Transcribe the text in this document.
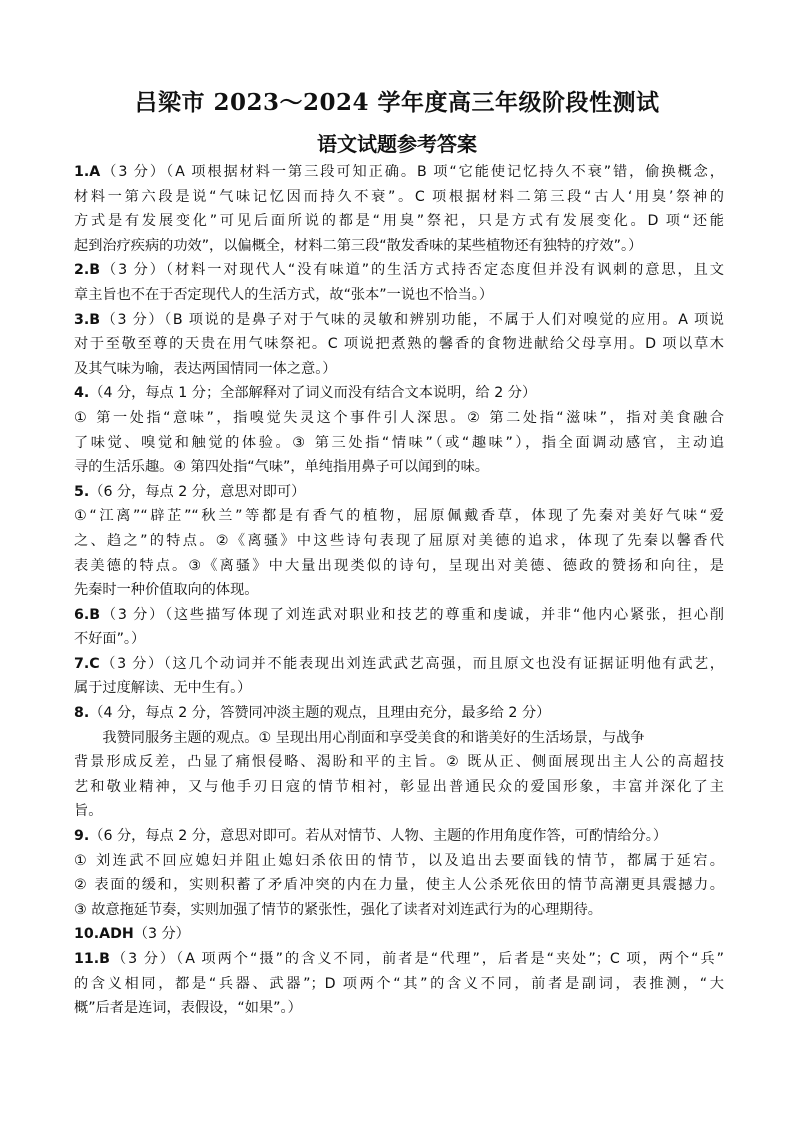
吕梁市 2023～2024 学年度高三年级阶段性测试
语文试题参考答案
1.A（3 分）（A 项根据材料一第三段可知正确。B 项“它能使记忆持久不衰”错，偷换概念，
材料一第六段是说“气味记忆因而持久不衰”。C 项根据材料二第三段“古人‘用臭’祭神的
方式是有发展变化”可见后面所说的都是“用臭”祭祀，只是方式有发展变化。D 项“还能
起到治疗疾病的功效”，以偏概全，材料二第三段“散发香味的某些植物还有独特的疗效”。）
2.B（3 分）（材料一对现代人“没有味道”的生活方式持否定态度但并没有讽刺的意思，且文
章主旨也不在于否定现代人的生活方式，故“张本”一说也不恰当。）
3.B（3 分）（B 项说的是鼻子对于气味的灵敏和辨别功能，不属于人们对嗅觉的应用。A 项说
对于至敬至尊的天贵在用气味祭祀。C 项说把煮熟的馨香的食物进献给父母享用。D 项以草木
及其气味为喻，表达两国情同一体之意。）
4.（4 分，每点 1 分；全部解释对了词义而没有结合文本说明，给 2 分）
① 第一处指“意味”，指嗅觉失灵这个事件引人深思。② 第二处指“滋味”，指对美食融合
了味觉、嗅觉和触觉的体验。③ 第三处指“情味”（或“趣味”），指全面调动感官，主动追
寻的生活乐趣。④ 第四处指“气味”，单纯指用鼻子可以闻到的味。
5.（6 分，每点 2 分，意思对即可）
①“江离”“辟芷”“秋兰”等都是有香气的植物，屈原佩戴香草，体现了先秦对美好气味“爱
之、趋之”的特点。②《离骚》中这些诗句表现了屈原对美德的追求，体现了先秦以馨香代
表美德的特点。③《离骚》中大量出现类似的诗句，呈现出对美德、德政的赞扬和向往，是
先秦时一种价值取向的体现。
6.B（3 分）（这些描写体现了刘连武对职业和技艺的尊重和虔诚，并非“他内心紧张，担心削
不好面”。）
7.C（3 分）（这几个动词并不能表现出刘连武武艺高强，而且原文也没有证据证明他有武艺，
属于过度解读、无中生有。）
8.（4 分，每点 2 分，答赞同冲淡主题的观点，且理由充分，最多给 2 分）
　　我赞同服务主题的观点。① 呈现出用心削面和享受美食的和谐美好的生活场景，与战争
背景形成反差，凸显了痛恨侵略、渴盼和平的主旨。② 既从正、侧面展现出主人公的高超技
艺和敬业精神，又与他手刃日寇的情节相衬，彰显出普通民众的爱国形象，丰富并深化了主
旨。
9.（6 分，每点 2 分，意思对即可。若从对情节、人物、主题的作用角度作答，可酌情给分。）
① 刘连武不回应媳妇并阻止媳妇杀依田的情节，以及追出去要面钱的情节，都属于延宕。
② 表面的缓和，实则积蓄了矛盾冲突的内在力量，使主人公杀死依田的情节高潮更具震撼力。
③ 故意拖延节奏，实则加强了情节的紧张性，强化了读者对刘连武行为的心理期待。
10.ADH（3 分）
11.B（3 分）（A 项两个“摄”的含义不同，前者是“代理”，后者是“夹处”；C 项，两个“兵”
的含义相同，都是“兵器、武器”；D 项两个“其”的含义不同，前者是副词，表推测，“大
概”后者是连词，表假设，“如果”。）
